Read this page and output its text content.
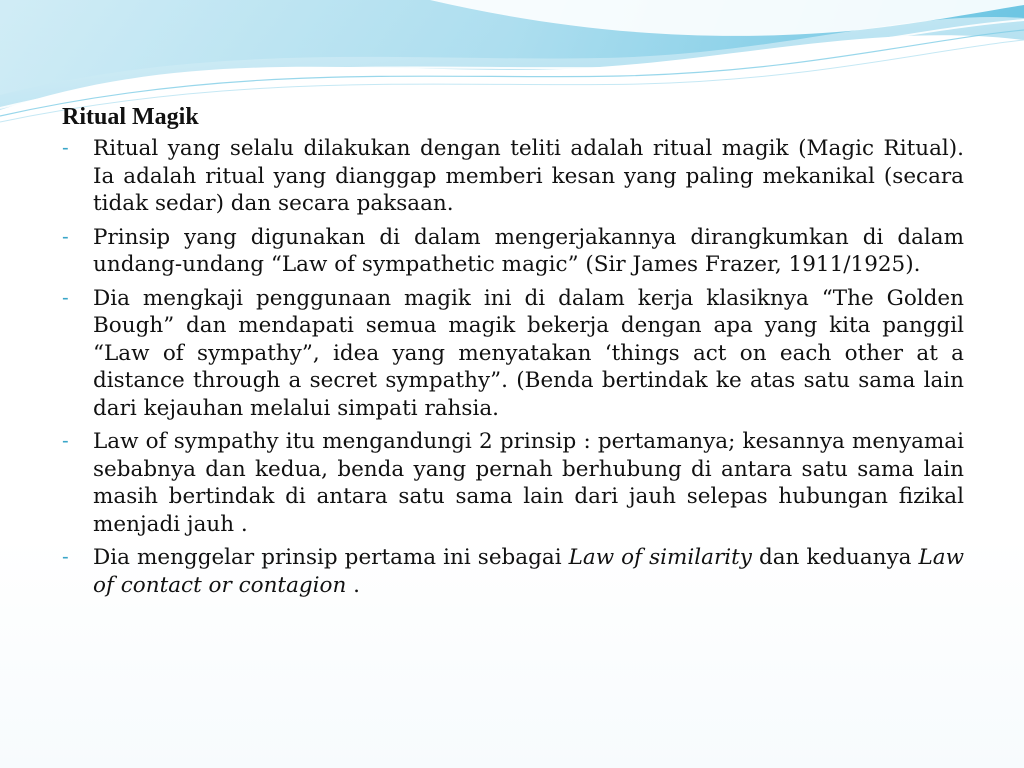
Ritual Magik
- Ritual yang selalu dilakukan dengan teliti adalah ritual magik (Magic Ritual). Ia adalah ritual yang dianggap memberi kesan yang paling mekanikal (secara tidak sedar) dan secara paksaan.
- Prinsip yang digunakan di dalam mengerjakannya dirangkumkan di dalam undang-undang “Law of sympathetic magic” (Sir James Frazer, 1911/1925).
- Dia mengkaji penggunaan magik ini di dalam kerja klasiknya “The Golden Bough” dan mendapati semua magik bekerja dengan apa yang kita panggil “Law of sympathy”, idea yang menyatakan ‘things act on each other at a distance through a secret sympathy”. (Benda bertindak ke atas satu sama lain dari kejauhan melalui simpati rahsia.
- Law of sympathy itu mengandungi 2 prinsip : pertamanya; kesannya menyamai sebabnya dan kedua, benda yang pernah berhubung di antara satu sama lain masih bertindak di antara satu sama lain dari jauh selepas hubungan fizikal menjadi jauh .
- Dia menggelar prinsip pertama ini sebagai Law of similarity dan keduanya Law of contact or contagion .
